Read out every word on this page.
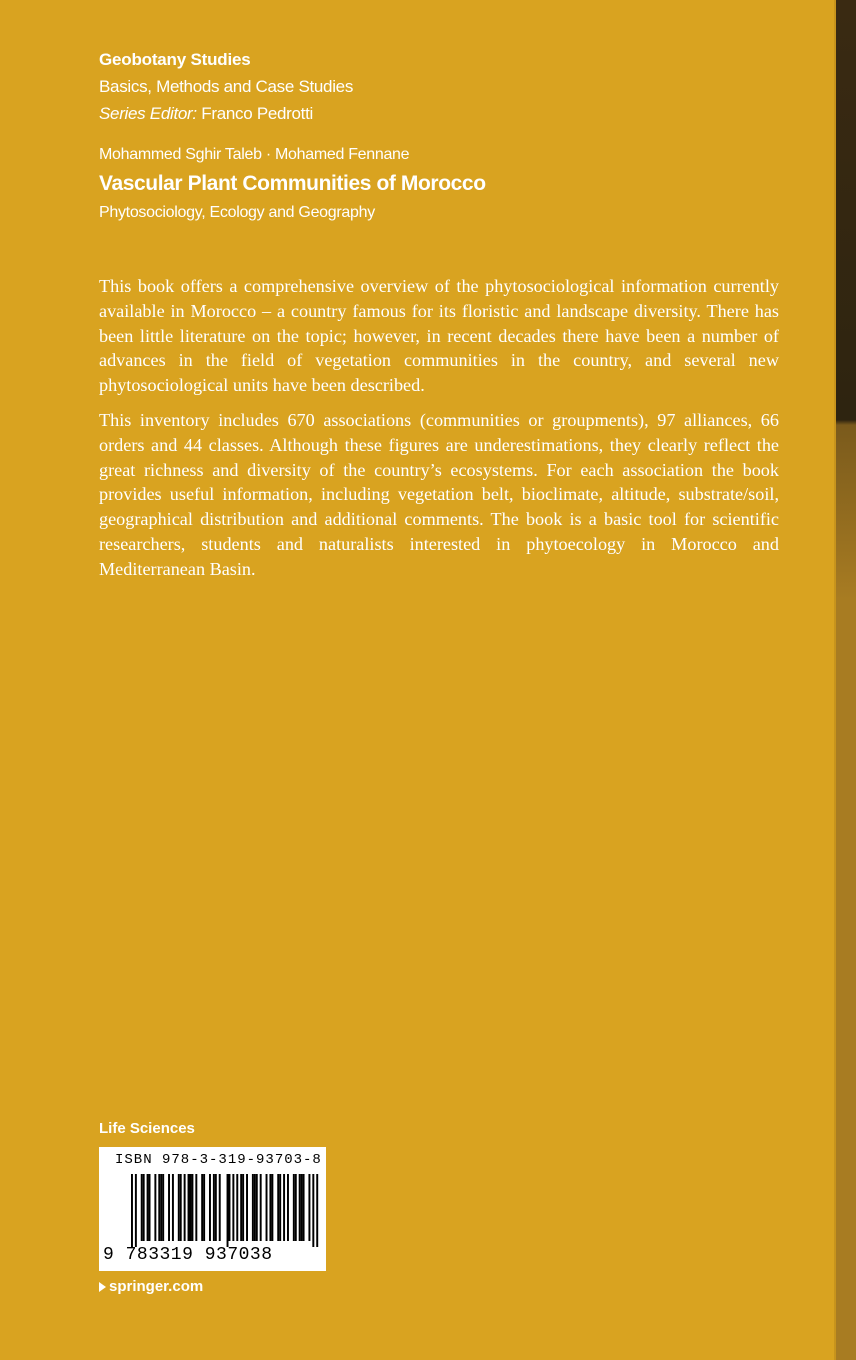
Geobotany Studies
Basics, Methods and Case Studies
Series Editor: Franco Pedrotti
Mohammed Sghir Taleb · Mohamed Fennane
Vascular Plant Communities of Morocco
Phytosociology, Ecology and Geography

This book offers a comprehensive overview of the phytosociological information currently available in Morocco – a country famous for its floristic and landscape diversity. There has been little literature on the topic; however, in recent decades there have been a number of advances in the field of vegetation communities in the country, and several new phytosociological units have been described.

This inventory includes 670 associations (communities or groupments), 97 alliances, 66 orders and 44 classes. Although these figures are underestimations, they clearly reflect the great richness and diversity of the country’s ecosystems. For each association the book provides useful information, including vegetation belt, bioclimate, altitude, substrate/soil, geographical distribution and additional comments. The book is a basic tool for scientific researchers, students and naturalists interested in phytoecology in Morocco and Mediterranean Basin.

Life Sciences
ISBN 978-3-319-93703-8
9 783319 937038
springer.com
